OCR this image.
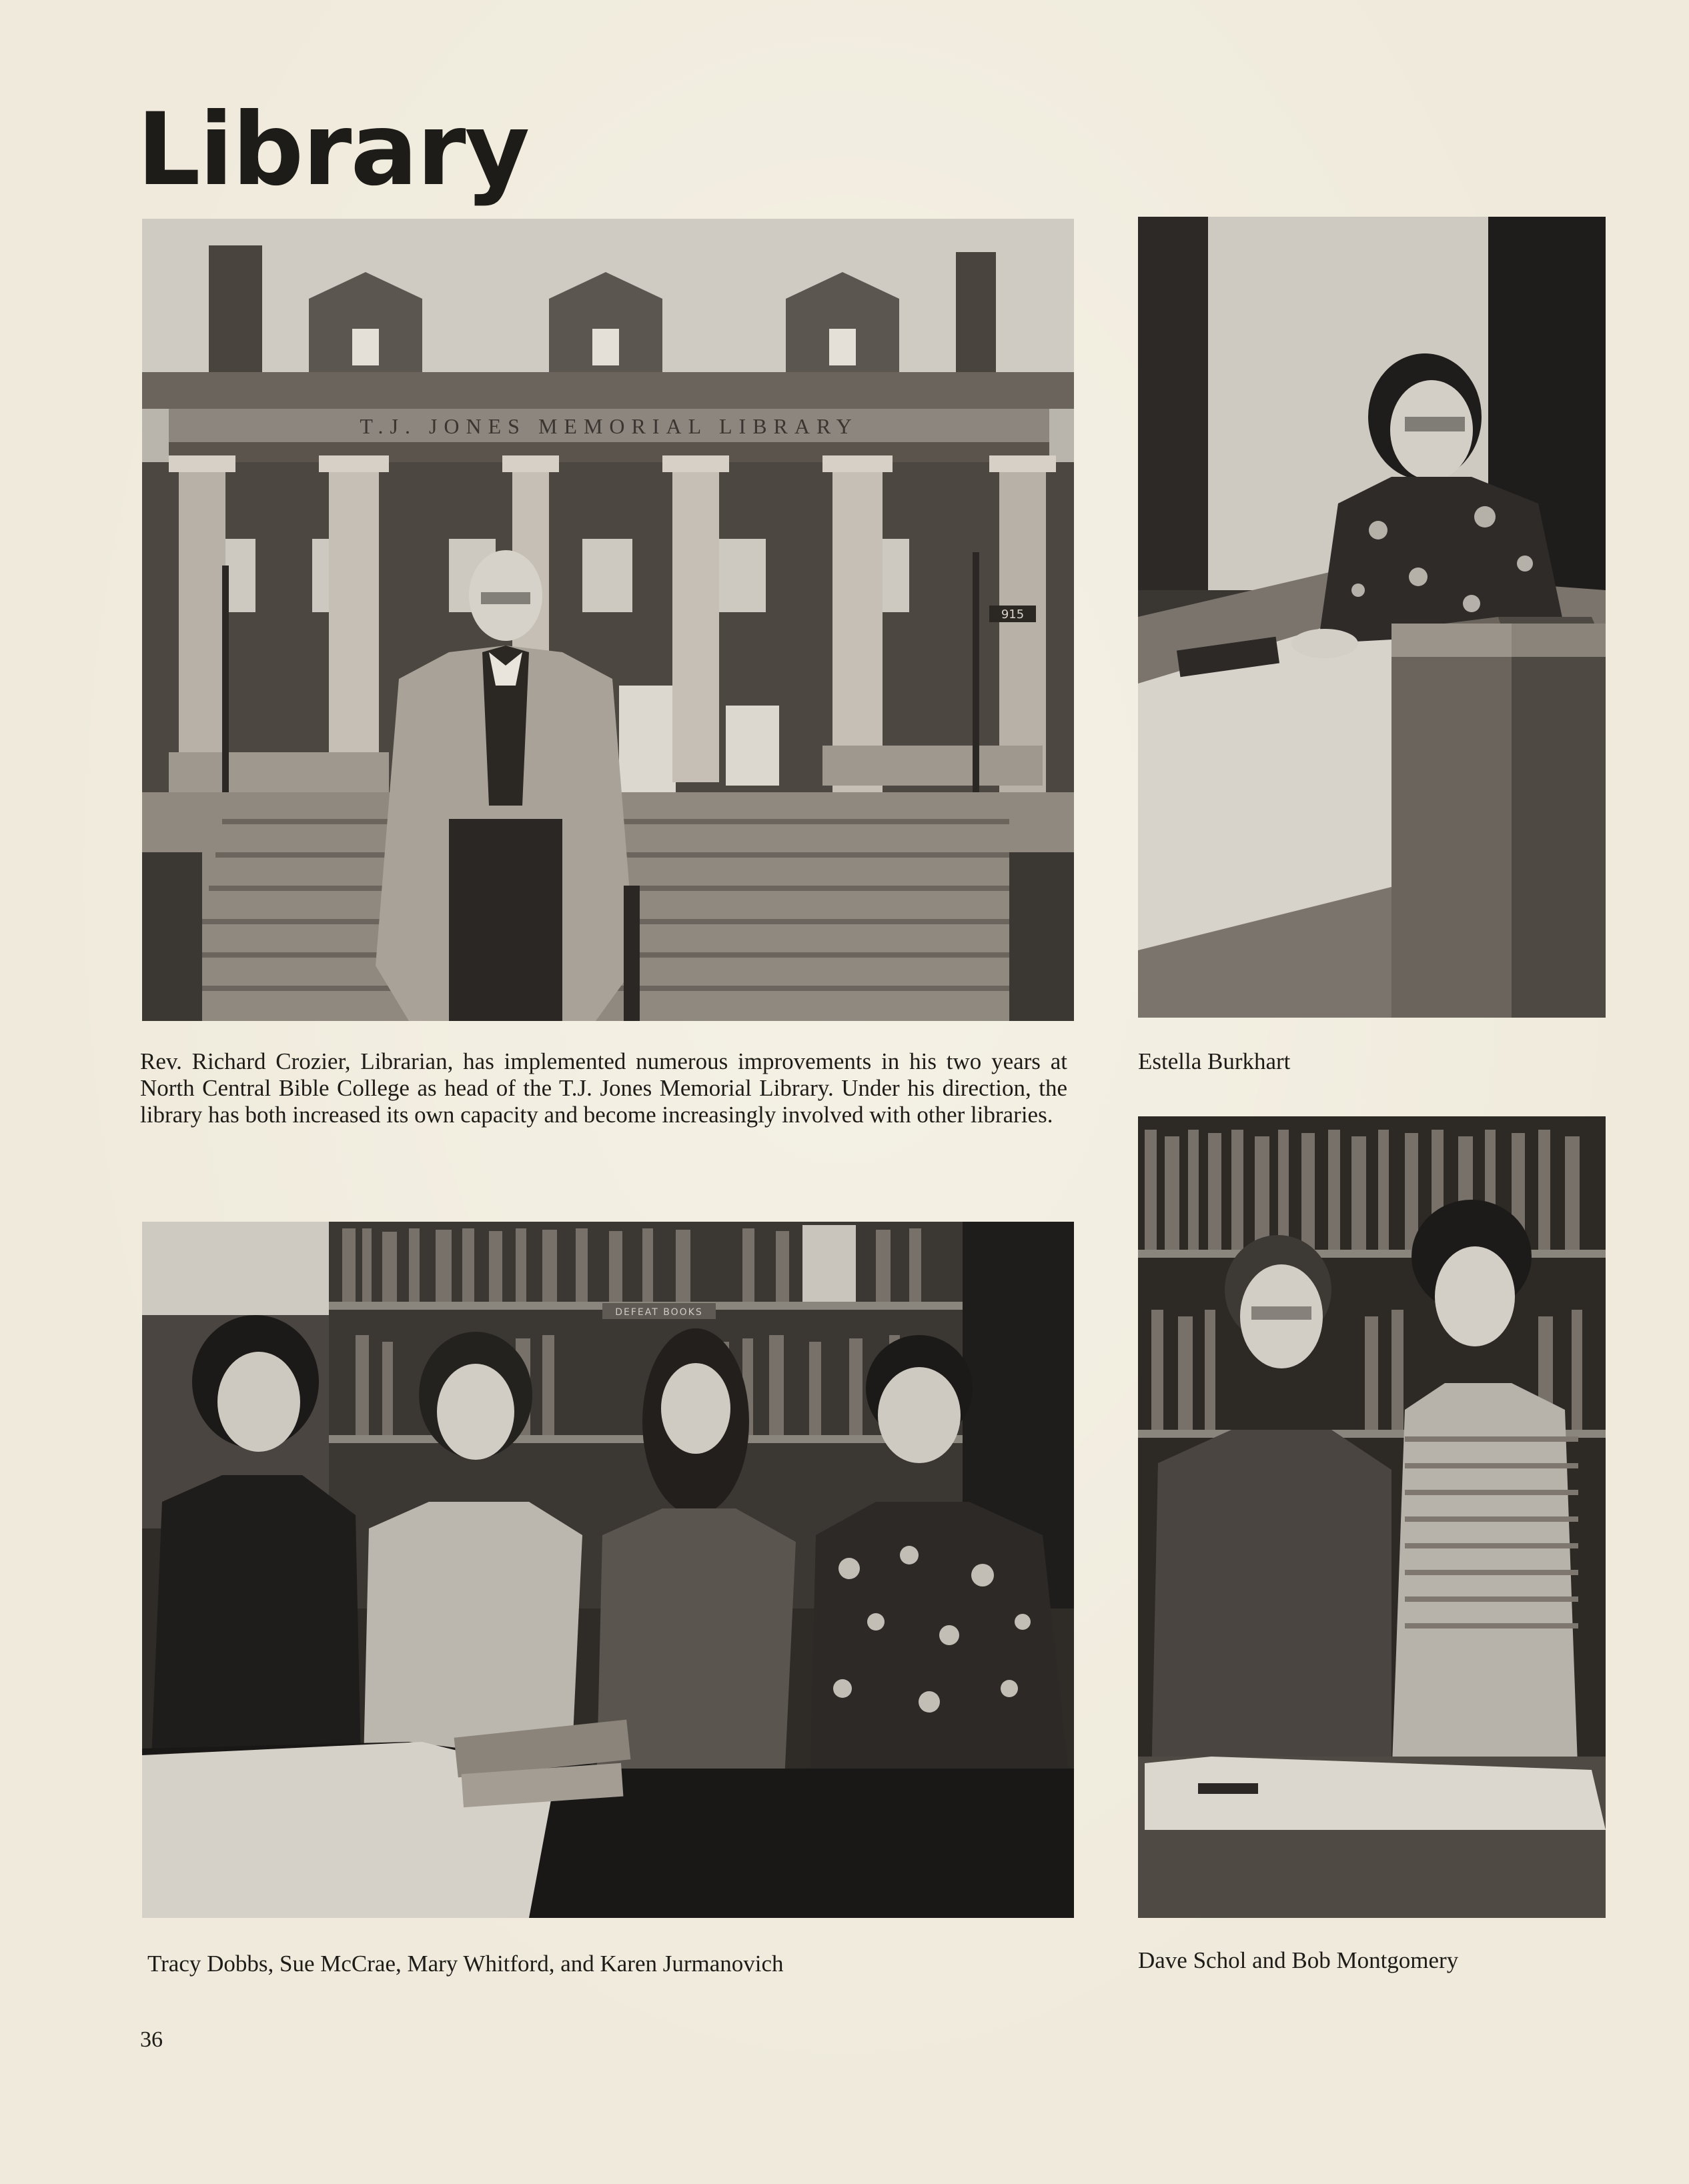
Library
T.J. JONES MEMORIAL LIBRARY
915

Estella Burkhart

Rev. Richard Crozier, Librarian, has implemented numerous improvements in his two years at North Central Bible College as head of the T.J. Jones Memorial Library. Under his direction, the library has both increased its own capacity and become increasingly involved with other libraries.

DEFEAT BOOKS

Tracy Dobbs, Sue McCrae, Mary Whitford, and Karen Jurmanovich	Dave Schol and Bob Montgomery

36
